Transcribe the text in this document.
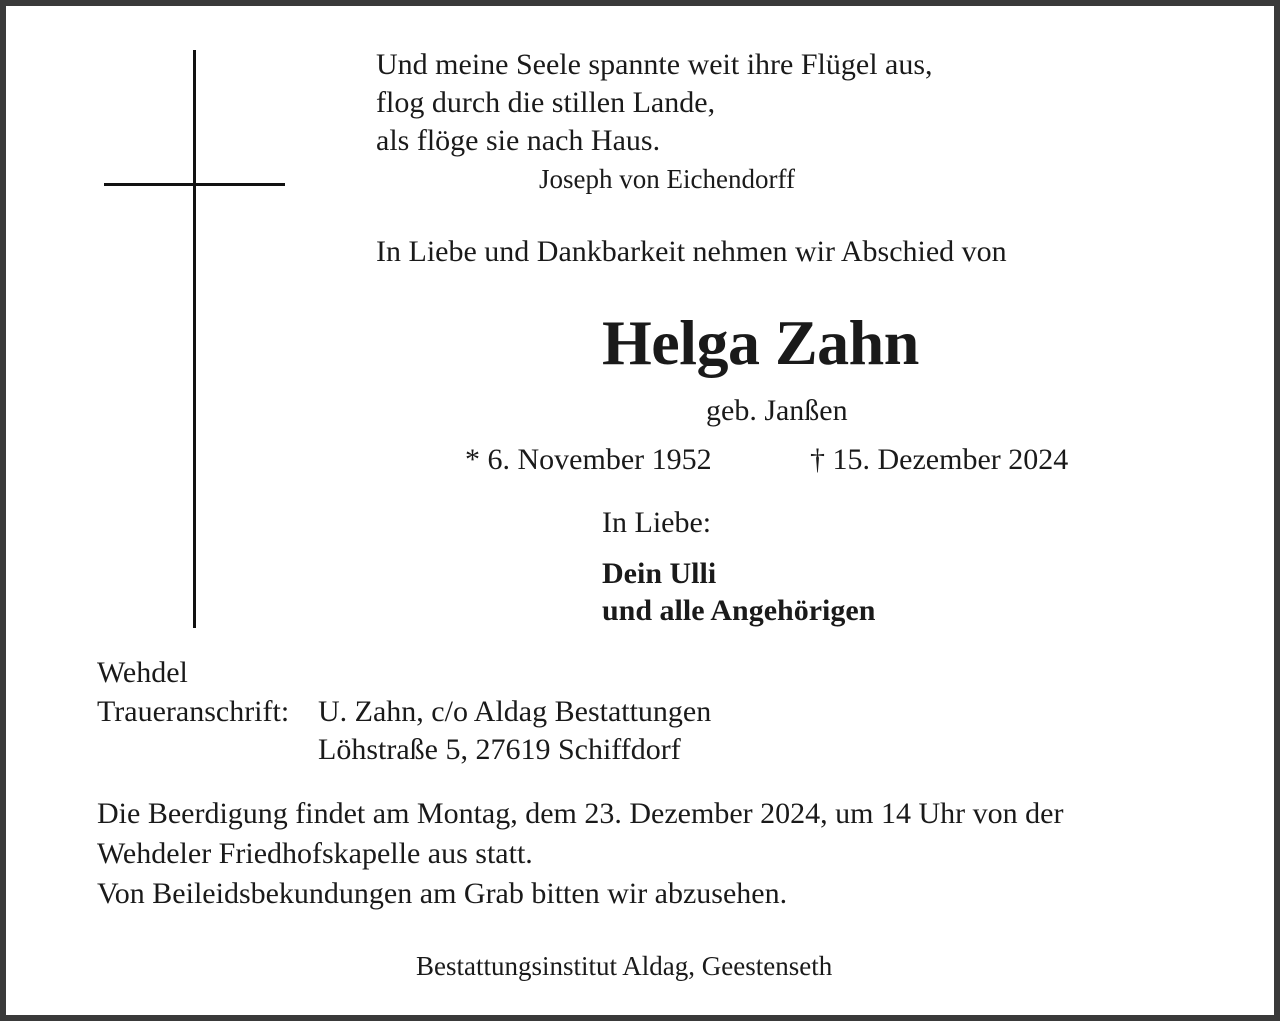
Und meine Seele spannte weit ihre Flügel aus,
flog durch die stillen Lande,
als flöge sie nach Haus.
Joseph von Eichendorff
In Liebe und Dankbarkeit nehmen wir Abschied von
Helga Zahn
geb. Janßen
* 6. November 1952	† 15. Dezember 2024
In Liebe:
Dein Ulli
und alle Angehörigen
Wehdel
Traueranschrift: U. Zahn, c/o Aldag Bestattungen
Löhstraße 5, 27619 Schiffdorf
Die Beerdigung findet am Montag, dem 23. Dezember 2024, um 14 Uhr von der
Wehdeler Friedhofskapelle aus statt.
Von Beileidsbekundungen am Grab bitten wir abzusehen.
Bestattungsinstitut Aldag, Geestenseth
